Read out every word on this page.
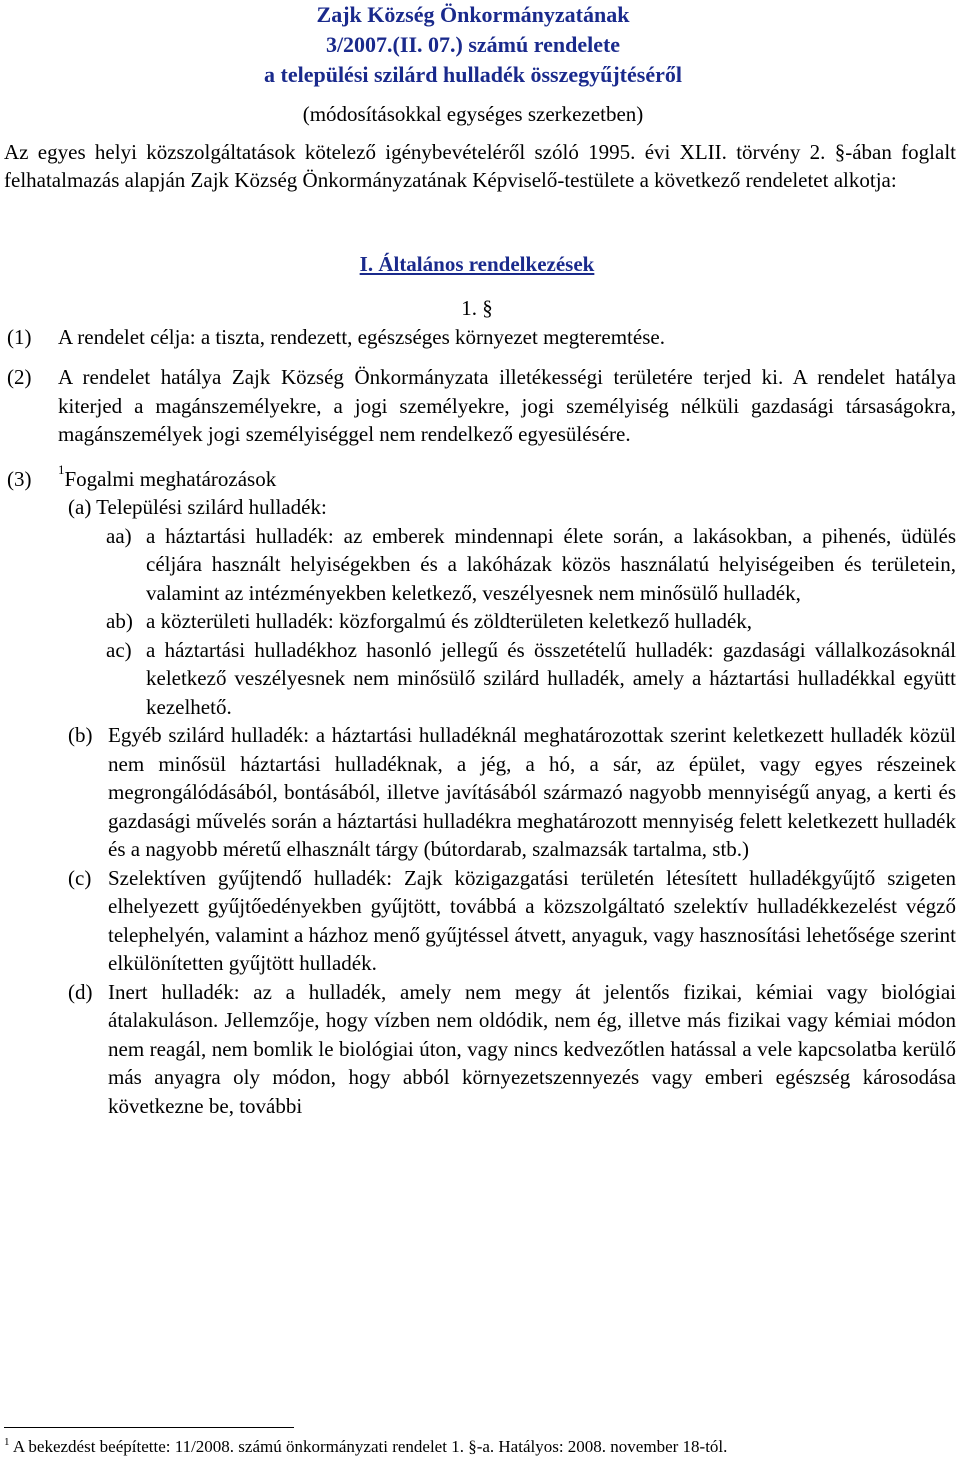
Zajk Község Önkormányzatának
3/2007.(II. 07.) számú rendelete
a települési szilárd hulladék összegyűjtéséről
(módosításokkal egységes szerkezetben)
Az egyes helyi közszolgáltatások kötelező igénybevételéről szóló 1995. évi XLII. törvény 2. §-ában foglalt felhatalmazás alapján Zajk Község Önkormányzatának Képviselő-testülete a következő rendeletet alkotja:
I. Általános rendelkezések
1. §
(1) A rendelet célja: a tiszta, rendezett, egészséges környezet megteremtése.
(2) A rendelet hatálya Zajk Község Önkormányzata illetékességi területére terjed ki. A rendelet hatálya kiterjed a magánszemélyekre, a jogi személyekre, jogi személyiség nélküli gazdasági társaságokra, magánszemélyek jogi személyiséggel nem rendelkező egyesülésére.
(3) $^1$Fogalmi meghatározások
(a) Települési szilárd hulladék:
aa) a háztartási hulladék: az emberek mindennapi élete során, a lakásokban, a pihenés, üdülés céljára használt helyiségekben és a lakóházak közös használatú helyiségeiben és területein, valamint az intézményekben keletkező, veszélyesnek nem minősülő hulladék,
ab) a közterületi hulladék: közforgalmú és zöldterületen keletkező hulladék,
ac) a háztartási hulladékhoz hasonló jellegű és összetételű hulladék: gazdasági vállalkozásoknál keletkező veszélyesnek nem minősülő szilárd hulladék, amely a háztartási hulladékkal együtt kezelhető.
(b) Egyéb szilárd hulladék: a háztartási hulladéknál meghatározottak szerint keletkezett hulladék közül nem minősül háztartási hulladéknak, a jég, a hó, a sár, az épület, vagy egyes részeinek megrongálódásából, bontásából, illetve javításából származó nagyobb mennyiségű anyag, a kerti és gazdasági művelés során a háztartási hulladékra meghatározott mennyiség felett keletkezett hulladék és a nagyobb méretű elhasznált tárgy (bútordarab, szalmazsák tartalma, stb.)
(c) Szelektíven gyűjtendő hulladék: Zajk közigazgatási területén létesített hulladékgyűjtő szigeten elhelyezett gyűjtőedényekben gyűjtött, továbbá a közszolgáltató szelektív hulladékkezelést végző telephelyén, valamint a házhoz menő gyűjtéssel átvett, anyaguk, vagy hasznosítási lehetősége szerint elkülönítetten gyűjtött hulladék.
(d) Inert hulladék: az a hulladék, amely nem megy át jelentős fizikai, kémiai vagy biológiai átalakuláson. Jellemzője, hogy vízben nem oldódik, nem ég, illetve más fizikai vagy kémiai módon nem reagál, nem bomlik le biológiai úton, vagy nincs kedvezőtlen hatással a vele kapcsolatba kerülő más anyagra oly módon, hogy abból környezetszennyezés vagy emberi egészség károsodása következne be, további
$^1$ A bekezdést beépítette: 11/2008. számú önkormányzati rendelet 1. §-a. Hatályos: 2008. november 18-tól.
